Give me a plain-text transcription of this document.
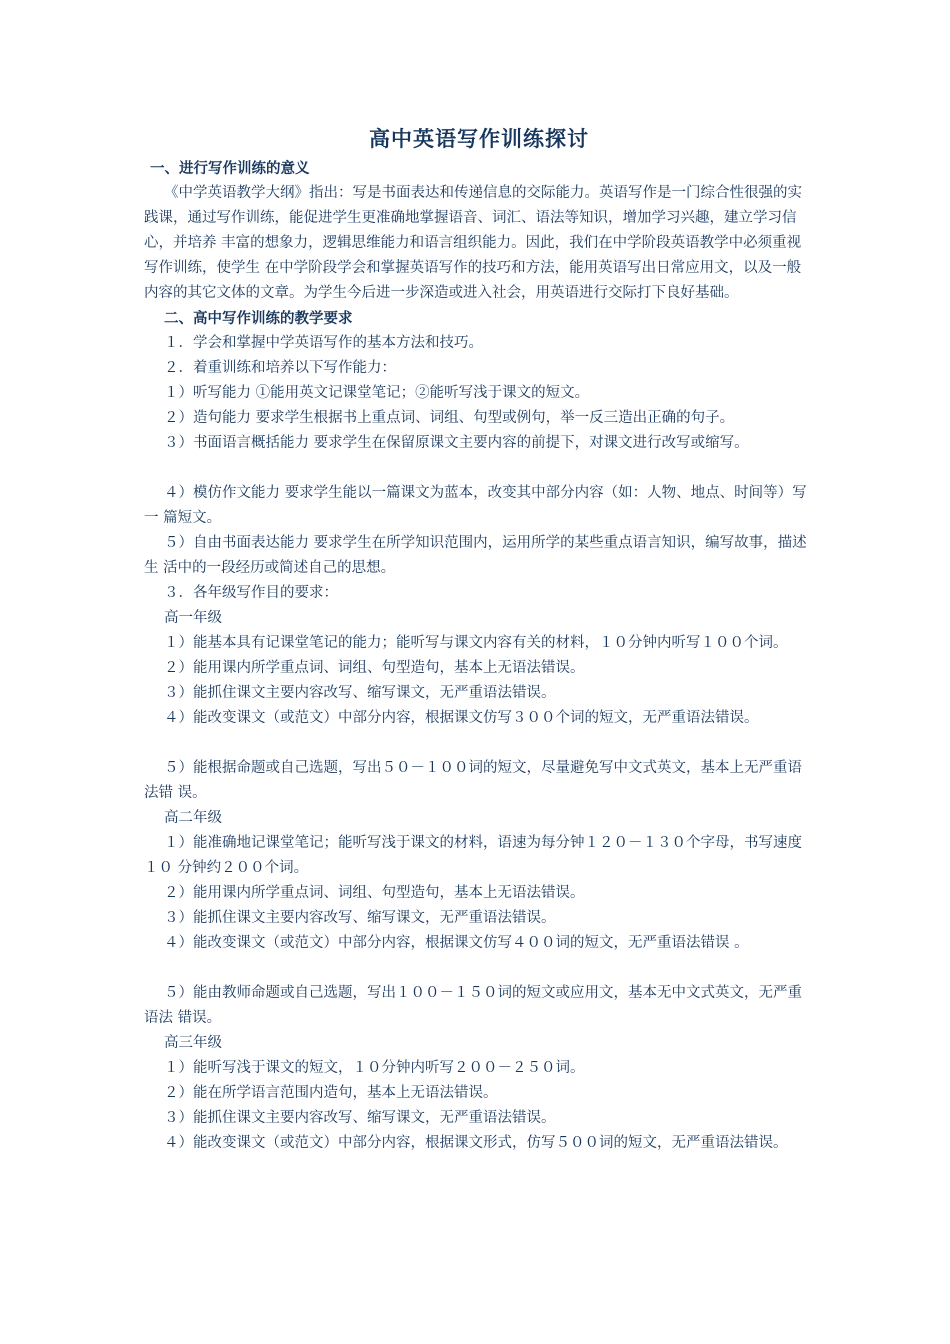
高中英语写作训练探讨

一、进行写作训练的意义

《中学英语教学大纲》指出：写是书面表达和传递信息的交际能力。英语写作是一门综合性很强的实践课，通过写作训练，能促进学生更准确地掌握语音、词汇、语法等知识，增加学习兴趣，建立学习信心，并培养 丰富的想象力，逻辑思维能力和语言组织能力。因此，我们在中学阶段英语教学中必须重视写作训练，使学生 在中学阶段学会和掌握英语写作的技巧和方法，能用英语写出日常应用文，以及一般内容的其它文体的文章。为学生今后进一步深造或进入社会，用英语进行交际打下良好基础。

二、高中写作训练的教学要求

１．学会和掌握中学英语写作的基本方法和技巧。

２．着重训练和培养以下写作能力：

１）听写能力 ①能用英文记课堂笔记；②能听写浅于课文的短文。

２）造句能力 要求学生根据书上重点词、词组、句型或例句，举一反三造出正确的句子。

３）书面语言概括能力 要求学生在保留原课文主要内容的前提下，对课文进行改写或缩写。

４）模仿作文能力 要求学生能以一篇课文为蓝本，改变其中部分内容（如：人物、地点、时间等）写一 篇短文。

５）自由书面表达能力 要求学生在所学知识范围内，运用所学的某些重点语言知识，编写故事，描述生 活中的一段经历或简述自己的思想。

３．各年级写作目的要求：

高一年级

１）能基本具有记课堂笔记的能力；能听写与课文内容有关的材料，１０分钟内听写１００个词。

２）能用课内所学重点词、词组、句型造句，基本上无语法错误。

３）能抓住课文主要内容改写、缩写课文，无严重语法错误。

４）能改变课文（或范文）中部分内容，根据课文仿写３００个词的短文，无严重语法错误。

５）能根据命题或自己选题，写出５０－１００词的短文，尽量避免写中文式英文，基本上无严重语法错 误。

高二年级

１）能准确地记课堂笔记；能听写浅于课文的材料，语速为每分钟１２０－１３０个字母，书写速度１０ 分钟约２００个词。

２）能用课内所学重点词、词组、句型造句，基本上无语法错误。

３）能抓住课文主要内容改写、缩写课文，无严重语法错误。

４）能改变课文（或范文）中部分内容，根据课文仿写４００词的短文，无严重语法错误 。

５）能由教师命题或自己选题，写出１００－１５０词的短文或应用文，基本无中文式英文，无严重语法 错误。

高三年级

１）能听写浅于课文的短文，１０分钟内听写２００－２５０词。

２）能在所学语言范围内造句，基本上无语法错误。

３）能抓住课文主要内容改写、缩写课文，无严重语法错误。

４）能改变课文（或范文）中部分内容，根据课文形式，仿写５００词的短文，无严重语法错误。
